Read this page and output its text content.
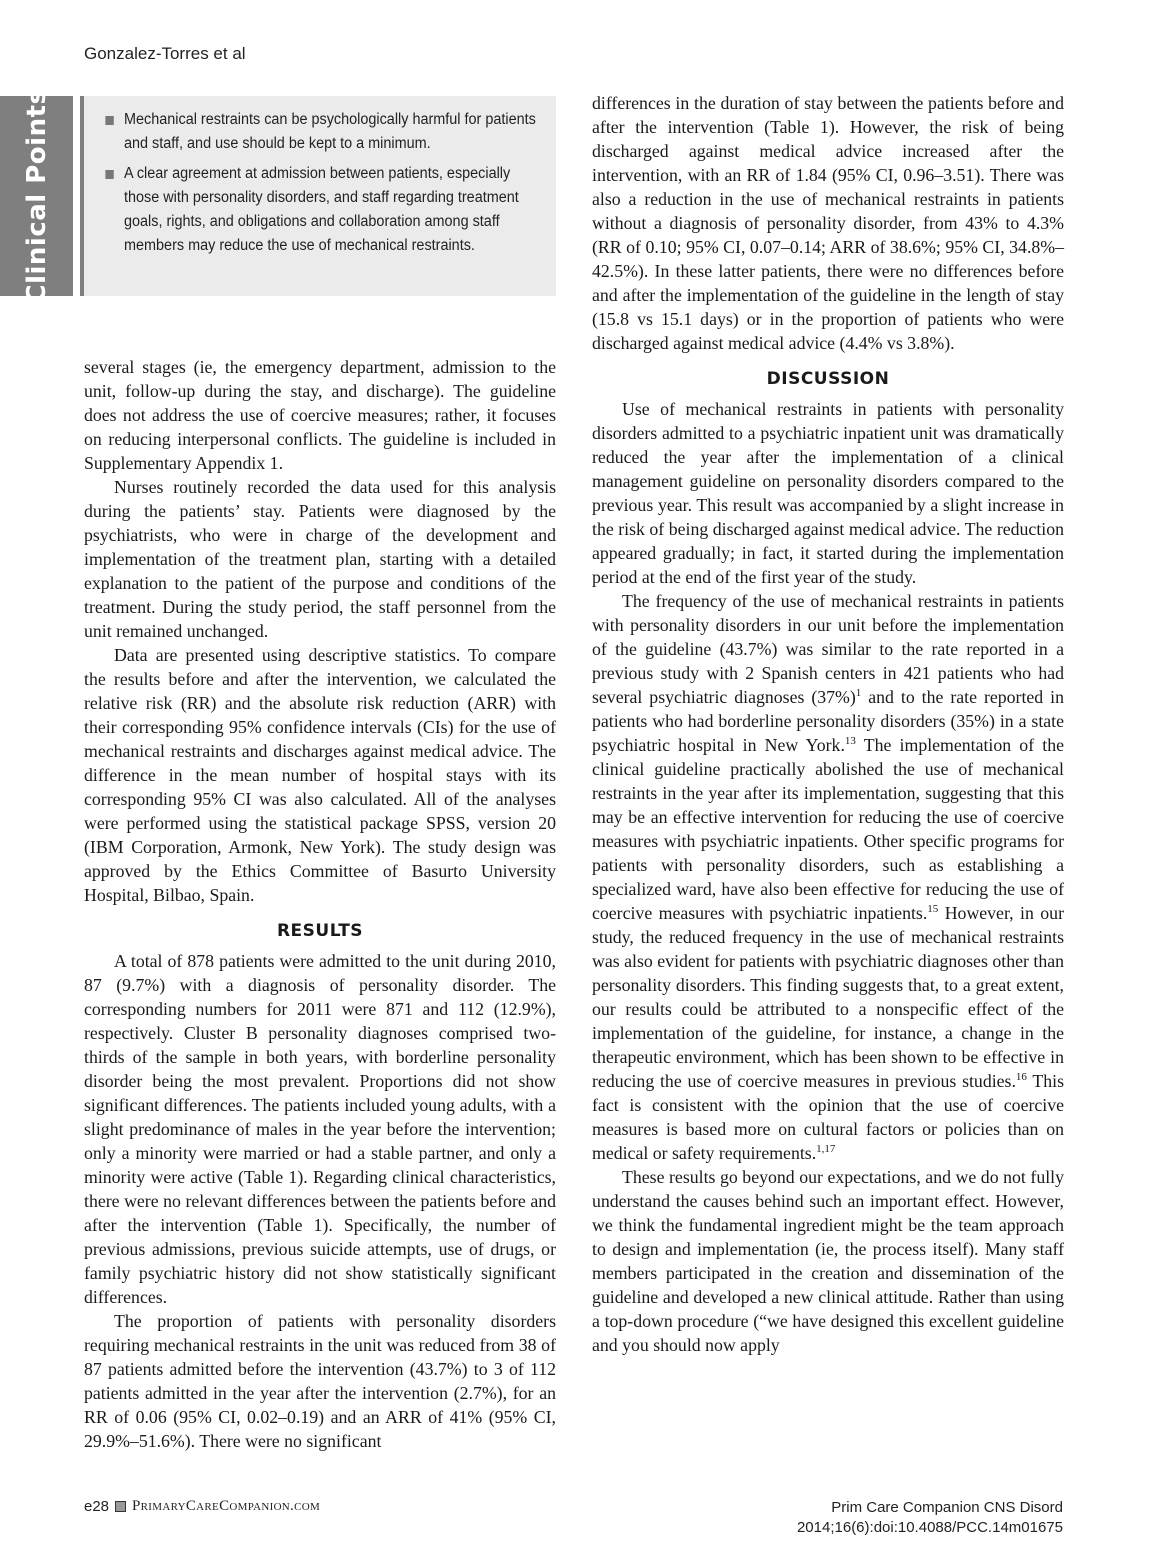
Gonzalez-Torres et al
Clinical Points	Mechanical restraints can be psychologically harmful for patients and staff, and use should be kept to a minimum.
A clear agreement at admission between patients, especially those with personality disorders, and staff regarding treatment goals, rights, and obligations and collaboration among staff members may reduce the use of mechanical restraints.

several stages (ie, the emergency department, admission to the unit, follow-up during the stay, and discharge). The guideline does not address the use of coercive measures; rather, it focuses on reducing interpersonal conflicts. The guideline is included in Supplementary Appendix 1.

Nurses routinely recorded the data used for this analysis during the patients’ stay. Patients were diagnosed by the psychiatrists, who were in charge of the development and implementation of the treatment plan, starting with a detailed explanation to the patient of the purpose and conditions of the treatment. During the study period, the staff personnel from the unit remained unchanged.

Data are presented using descriptive statistics. To compare the results before and after the intervention, we calculated the relative risk (RR) and the absolute risk reduction (ARR) with their corresponding 95% confidence intervals (CIs) for the use of mechanical restraints and discharges against medical advice. The difference in the mean number of hospital stays with its corresponding 95% CI was also calculated. All of the analyses were performed using the statistical package SPSS, version 20 (IBM Corporation, Armonk, New York). The study design was approved by the Ethics Committee of Basurto University Hospital, Bilbao, Spain.

RESULTS

A total of 878 patients were admitted to the unit during 2010, 87 (9.7%) with a diagnosis of personality disorder. The corresponding numbers for 2011 were 871 and 112 (12.9%), respectively. Cluster B personality diagnoses comprised two-thirds of the sample in both years, with borderline personality disorder being the most prevalent. Proportions did not show significant differences. The patients included young adults, with a slight predominance of males in the year before the intervention; only a minority were married or had a stable partner, and only a minority were active (Table 1). Regarding clinical characteristics, there were no relevant differences between the patients before and after the intervention (Table 1). Specifically, the number of previous admissions, previous suicide attempts, use of drugs, or family psychiatric history did not show statistically significant differences.

The proportion of patients with personality disorders requiring mechanical restraints in the unit was reduced from 38 of 87 patients admitted before the intervention (43.7%) to 3 of 112 patients admitted in the year after the intervention (2.7%), for an RR of 0.06 (95% CI, 0.02–0.19) and an ARR of 41% (95% CI, 29.9%–51.6%). There were no significant

differences in the duration of stay between the patients before and after the intervention (Table 1). However, the risk of being discharged against medical advice increased after the intervention, with an RR of 1.84 (95% CI, 0.96–3.51). There was also a reduction in the use of mechanical restraints in patients without a diagnosis of personality disorder, from 43% to 4.3% (RR of 0.10; 95% CI, 0.07–0.14; ARR of 38.6%; 95% CI, 34.8%–42.5%). In these latter patients, there were no differences before and after the implementation of the guideline in the length of stay (15.8 vs 15.1 days) or in the proportion of patients who were discharged against medical advice (4.4% vs 3.8%).

DISCUSSION

Use of mechanical restraints in patients with personality disorders admitted to a psychiatric inpatient unit was dramatically reduced the year after the implementation of a clinical management guideline on personality disorders compared to the previous year. This result was accompanied by a slight increase in the risk of being discharged against medical advice. The reduction appeared gradually; in fact, it started during the implementation period at the end of the first year of the study.

The frequency of the use of mechanical restraints in patients with personality disorders in our unit before the implementation of the guideline (43.7%) was similar to the rate reported in a previous study with 2 Spanish centers in 421 patients who had several psychiatric diagnoses $(37\%)^1$ and to the rate reported in patients who had borderline personality disorders (35%) in a state psychiatric hospital in New York.$^{13}$ The implementation of the clinical guideline practically abolished the use of mechanical restraints in the year after its implementation, suggesting that this may be an effective intervention for reducing the use of coercive measures with psychiatric inpatients. Other specific programs for patients with personality disorders, such as establishing a specialized ward, have also been effective for reducing the use of coercive measures with psychiatric inpatients.$^{15}$ However, in our study, the reduced frequency in the use of mechanical restraints was also evident for patients with psychiatric diagnoses other than personality disorders. This finding suggests that, to a great extent, our results could be attributed to a nonspecific effect of the implementation of the guideline, for instance, a change in the therapeutic environment, which has been shown to be effective in reducing the use of coercive measures in previous studies.$^{16}$ This fact is consistent with the opinion that the use of coercive measures is based more on cultural factors or policies than on medical or safety requirements.$^{1,17}$

These results go beyond our expectations, and we do not fully understand the causes behind such an important effect. However, we think the fundamental ingredient might be the team approach to design and implementation (ie, the process itself). Many staff members participated in the creation and dissemination of the guideline and developed a new clinical attitude. Rather than using a top-down procedure (“we have designed this excellent guideline and you should now apply

e28 PrimaryCareCompanion.com	Prim Care Companion CNS Disord
2014;16(6):doi:10.4088/PCC.14m01675
